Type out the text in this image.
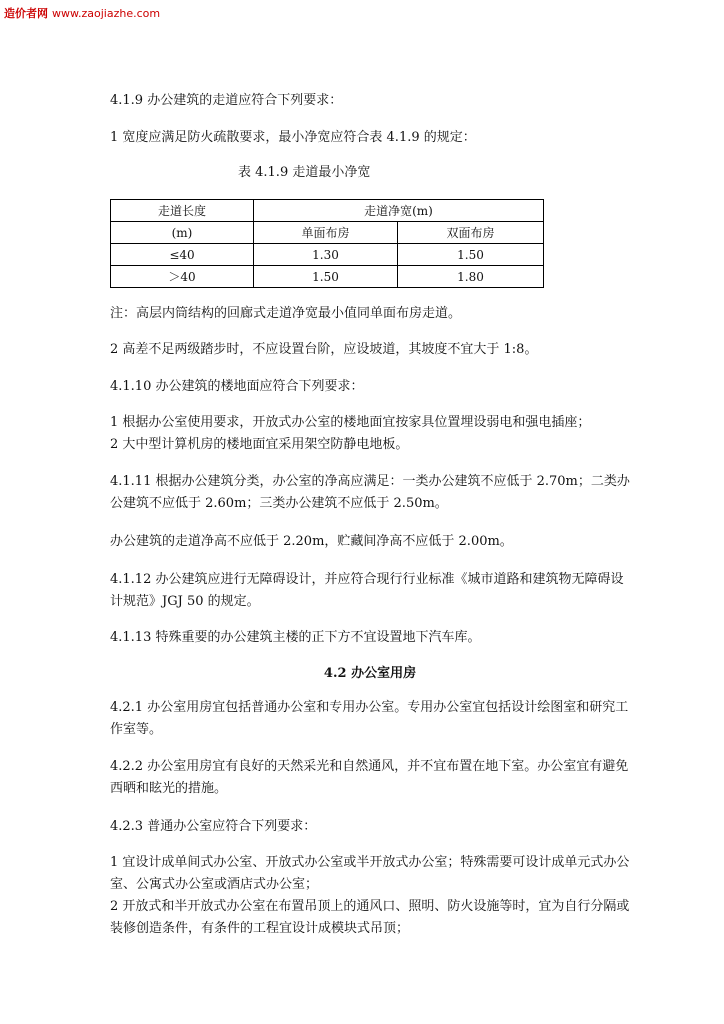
造价者网 www.zaojiazhe.com
4.1.9 办公建筑的走道应符合下列要求：
1 宽度应满足防火疏散要求，最小净宽应符合表 4.1.9 的规定：
表 4.1.9 走道最小净宽
走道长度	走道净宽(m)	
(m)	单面布房	双面布房
≤40	1.30	1.50
＞40	1.50	1.80
注：高层内筒结构的回廊式走道净宽最小值同单面布房走道。
2 高差不足两级踏步时，不应设置台阶，应设坡道，其坡度不宜大于 1:8。
4.1.10 办公建筑的楼地面应符合下列要求：
1 根据办公室使用要求，开放式办公室的楼地面宜按家具位置埋设弱电和强电插座；
2 大中型计算机房的楼地面宜采用架空防静电地板。
4.1.11 根据办公建筑分类，办公室的净高应满足：一类办公建筑不应低于 2.70m；二类办公建筑不应低于 2.60m；三类办公建筑不应低于 2.50m。
办公建筑的走道净高不应低于 2.20m，贮藏间净高不应低于 2.00m。
4.1.12 办公建筑应进行无障碍设计，并应符合现行行业标准《城市道路和建筑物无障碍设计规范》JGJ 50 的规定。
4.1.13 特殊重要的办公建筑主楼的正下方不宜设置地下汽车库。
4.2 办公室用房
4.2.1 办公室用房宜包括普通办公室和专用办公室。专用办公室宜包括设计绘图室和研究工作室等。
4.2.2 办公室用房宜有良好的天然采光和自然通风，并不宜布置在地下室。办公室宜有避免西晒和眩光的措施。
4.2.3 普通办公室应符合下列要求：
1 宜设计成单间式办公室、开放式办公室或半开放式办公室；特殊需要可设计成单元式办公室、公寓式办公室或酒店式办公室；
2 开放式和半开放式办公室在布置吊顶上的通风口、照明、防火设施等时，宜为自行分隔或装修创造条件，有条件的工程宜设计成模块式吊顶；
